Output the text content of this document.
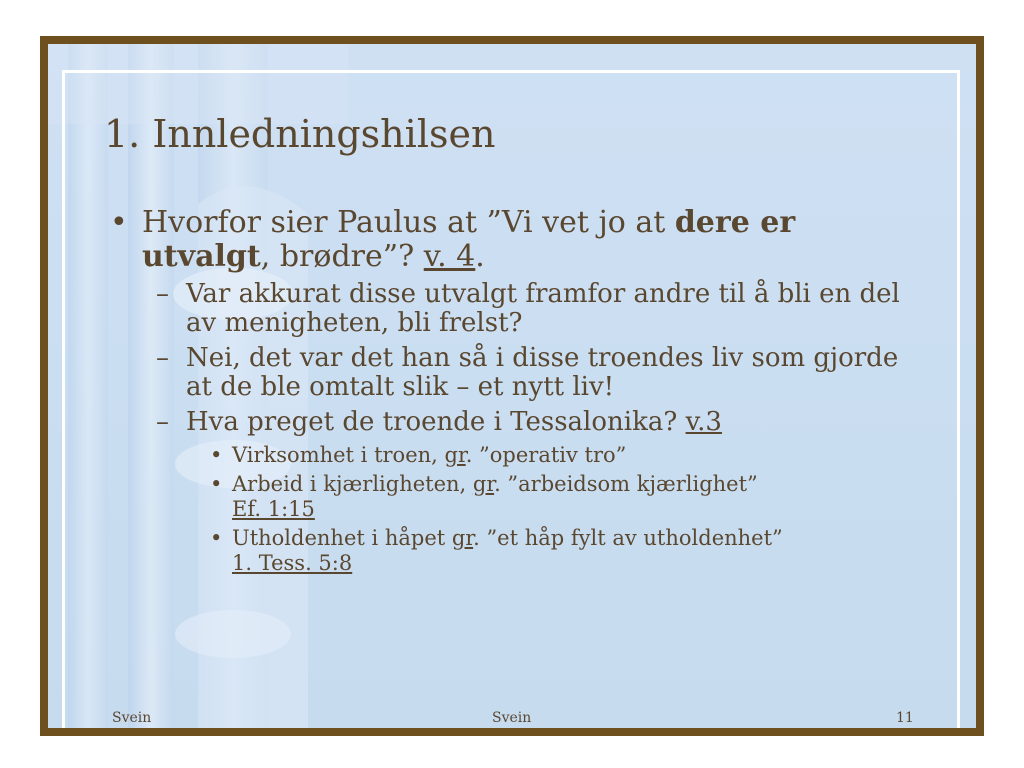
1. Innledningshilsen
• Hvorfor sier Paulus at ”Vi vet jo at dere er
utvalgt, brødre”? v. 4.
– Var akkurat disse utvalgt framfor andre til å bli en del av menigheten, bli frelst?
– Nei, det var det han så i disse troendes liv som gjorde at de ble omtalt slik – et nytt liv!
– Hva preget de troende i Tessalonika? v.3
• Virksomhet i troen, gr. ”operativ tro”
• Arbeid i kjærligheten, gr. ”arbeidsom kjærlighet”
Ef. 1:15
• Utholdenhet i håpet gr. ”et håp fylt av utholdenhet”
1. Tess. 5:8
Svein	Svein	11
